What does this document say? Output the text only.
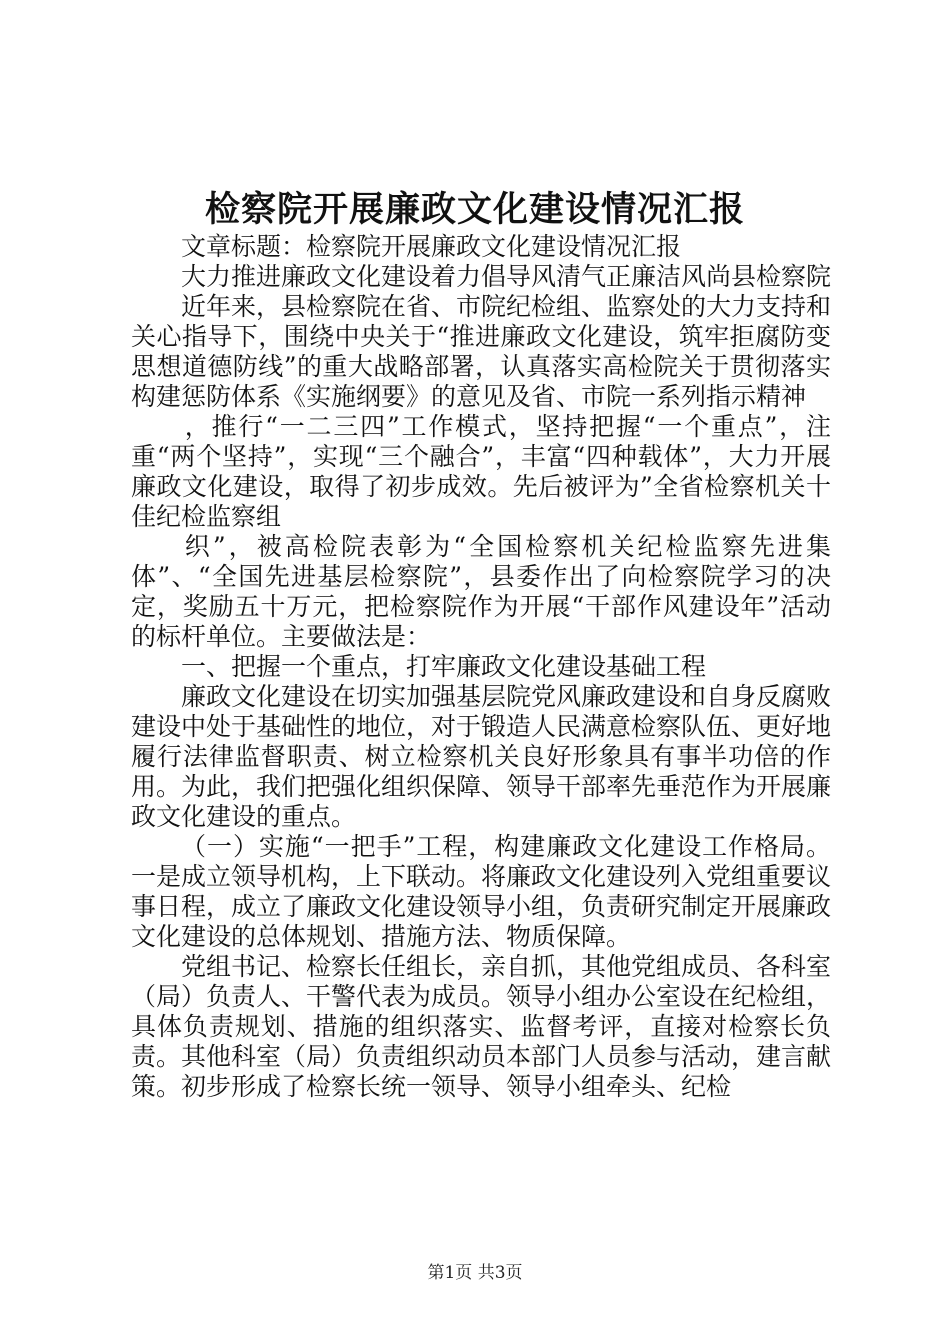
检察院开展廉政文化建设情况汇报

文章标题：检察院开展廉政文化建设情况汇报

大力推进廉政文化建设着力倡导风清气正廉洁风尚县检察院

近年来，县检察院在省、市院纪检组、监察处的大力支持和关心指导下，围绕中央关于“推进廉政文化建设，筑牢拒腐防变思想道德防线”的重大战略部署，认真落实高检院关于贯彻落实构建惩防体系《实施纲要》的意见及省、市院一系列指示精神

，推行“一二三四”工作模式，坚持把握“一个重点”，注重“两个坚持”，实现“三个融合”，丰富“四种载体”，大力开展廉政文化建设，取得了初步成效。先后被评为”全省检察机关十佳纪检监察组

织”，被高检院表彰为“全国检察机关纪检监察先进集体”、“全国先进基层检察院”，县委作出了向检察院学习的决定，奖励五十万元，把检察院作为开展“干部作风建设年”活动的标杆单位。主要做法是：

一、把握一个重点，打牢廉政文化建设基础工程

廉政文化建设在切实加强基层院党风廉政建设和自身反腐败建设中处于基础性的地位，对于锻造人民满意检察队伍、更好地履行法律监督职责、树立检察机关良好形象具有事半功倍的作用。为此，我们把强化组织保障、领导干部率先垂范作为开展廉政文化建设的重点。

（一）实施“一把手”工程，构建廉政文化建设工作格局。一是成立领导机构，上下联动。将廉政文化建设列入党组重要议事日程，成立了廉政文化建设领导小组，负责研究制定开展廉政文化建设的总体规划、措施方法、物质保障。

党组书记、检察长任组长，亲自抓，其他党组成员、各科室（局）负责人、干警代表为成员。领导小组办公室设在纪检组，具体负责规划、措施的组织落实、监督考评，直接对检察长负责。其他科室（局）负责组织动员本部门人员参与活动，建言献策。初步形成了检察长统一领导、领导小组牵头、纪检

第1页 共3页
